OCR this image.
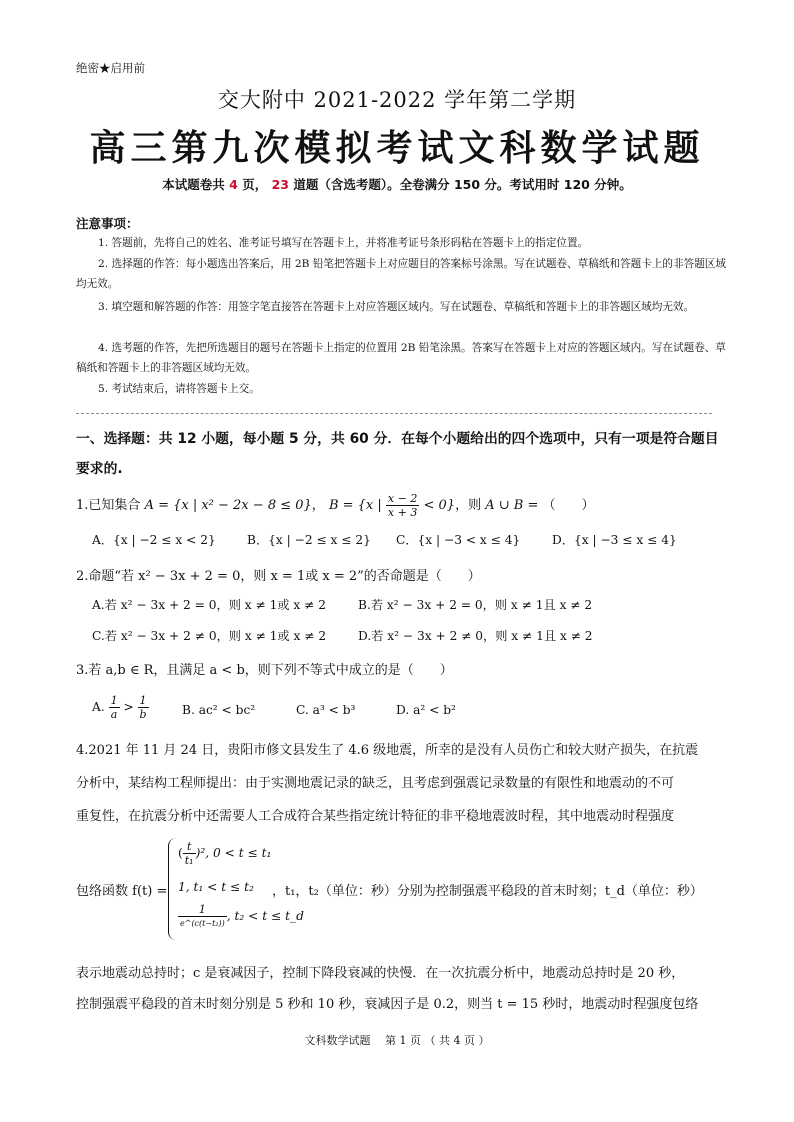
绝密★启用前
交大附中 2021-2022 学年第二学期
高三第九次模拟考试文科数学试题
本试题卷共 4 页， 23 道题（含选考题）。全卷满分 150 分。考试用时 120 分钟。
注意事项：
1. 答题前，先将自己的姓名、准考证号填写在答题卡上，并将准考证号条形码粘在答题卡上的指定位置。
2. 选择题的作答：每小题选出答案后，用 2B 铅笔把答题卡上对应题目的答案标号涂黑。写在试题卷、草稿纸和答题卡上的非答题区域均无效。
3. 填空题和解答题的作答：用签字笔直接答在答题卡上对应答题区域内。写在试题卷、草稿纸和答题卡上的非答题区域均无效。
4. 选考题的作答，先把所选题目的题号在答题卡上指定的位置用 2B 铅笔涂黑。答案写在答题卡上对应的答题区域内。写在试题卷、草稿纸和答题卡上的非答题区域均无效。
5. 考试结束后，请将答题卡上交。
一、选择题：共 12 小题，每小题 5 分，共 60 分．在每个小题给出的四个选项中，只有一项是符合题目要求的.
1.已知集合 A = {x | x² − 2x − 8 ≤ 0}， B = {x | $\frac{x - 2}{x + 3} < 0$}，则 A ∪ B = （　　）
A．{x | −2 ≤ x < 2}	B．{x | −2 ≤ x ≤ 2} C．{x | −3 < x ≤ 4}	D．{x | −3 ≤ x ≤ 4}
2.命题“若 x² − 3x + 2 = 0，则 x = 1或 x = 2”的否命题是（　　）
A.若 x² − 3x + 2 = 0，则 x ≠ 1或 x ≠ 2	B.若 x² − 3x + 2 = 0，则 x ≠ 1且 x ≠ 2
C.若 x² − 3x + 2 ≠ 0，则 x ≠ 1或 x ≠ 2	D.若 x² − 3x + 2 ≠ 0，则 x ≠ 1且 x ≠ 2
3.若 a,b ∈ R，且满足 a < b，则下列不等式中成立的是（　　）
A. $\frac{1}{a} > \frac{1}{b}$	B. ac² < bc²	C. a³ < b³	D. a² < b²
4.2021 年 11 月 24 日，贵阳市修文县发生了 4.6 级地震，所幸的是没有人员伤亡和较大财产损失，在抗震
分析中，某结构工程师提出：由于实测地震记录的缺乏，且考虑到强震记录数量的有限性和地震动的不可
重复性，在抗震分析中还需要人工合成符合某些指定统计特征的非平稳地震波时程，其中地震动时程强度
包络函数 f(t) =
( $\frac{t}{\text{t₁}} )^2$, 0 < t ≤ t₁
1, t₁ < t ≤ t₂
$\frac{1}{\text{e\textasciicircum{}(c(t−t₂))}}$ , t₂ < t ≤ t_d
，t₁，t₂（单位：秒）分别为控制强震平稳段的首末时刻；t_d（单位：秒）
表示地震动总持时；c 是衰减因子，控制下降段衰减的快慢．在一次抗震分析中，地震动总持时是 20 秒，
控制强震平稳段的首末时刻分别是 5 秒和 10 秒，衰减因子是 0.2，则当 t = 15 秒时，地震动时程强度包络
文科数学试题　 第 1 页 （ 共 4 页 ）
